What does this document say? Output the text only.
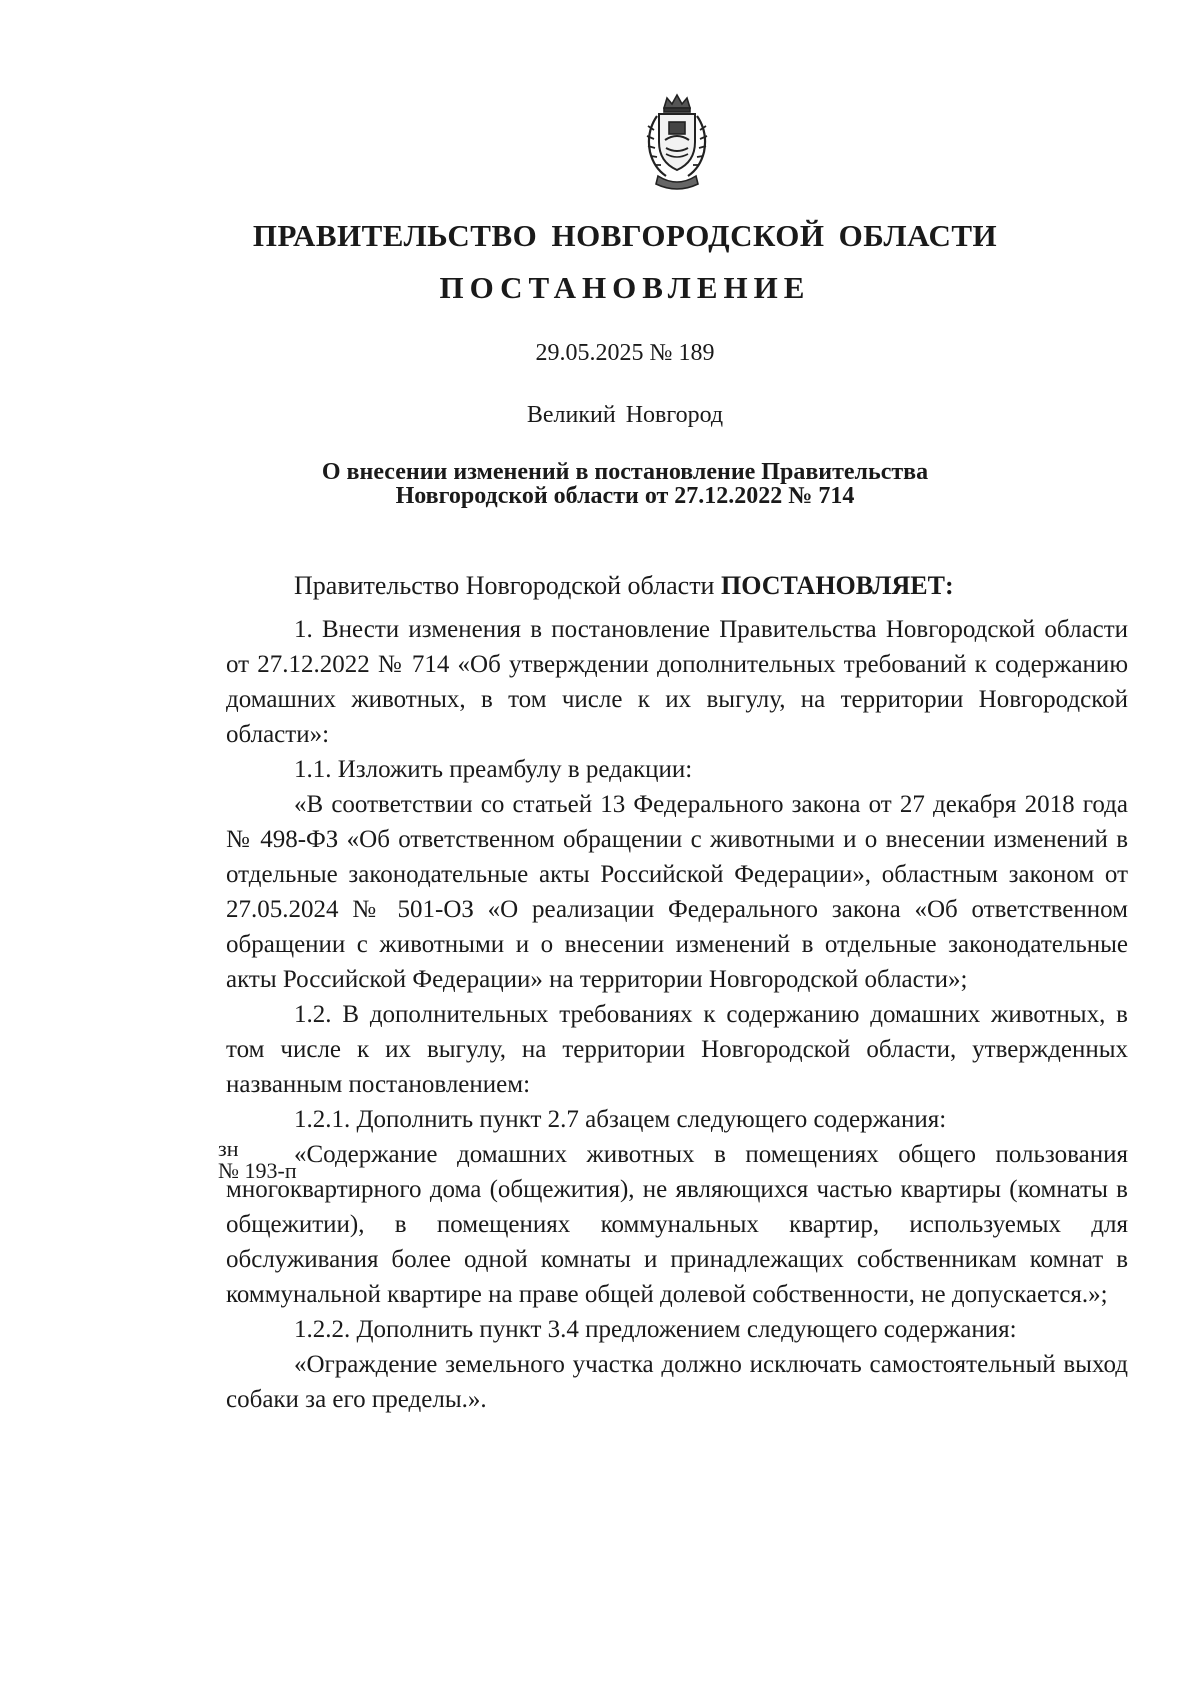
ПРАВИТЕЛЬСТВО НОВГОРОДСКОЙ ОБЛАСТИ
ПОСТАНОВЛЕНИЕ
29.05.2025 № 189
Великий Новгород
О внесении изменений в постановление Правительства
Новгородской области от 27.12.2022 № 714

Правительство Новгородской области ПОСТАНОВЛЯЕТ:

1. Внести изменения в постановление Правительства Новгородской области от 27.12.2022 № 714 «Об утверждении дополнительных требований к содержанию домашних животных, в том числе к их выгулу, на территории Новгородской области»:

1.1. Изложить преамбулу в редакции:

«В соответствии со статьей 13 Федерального закона от 27 декабря 2018 года № 498-ФЗ «Об ответственном обращении с животными и о внесении изменений в отдельные законодательные акты Российской Федерации», областным законом от 27.05.2024 № 501-ОЗ «О реализации Федерального закона «Об ответственном обращении с животными и о внесении изменений в отдельные законодательные акты Российской Федерации» на территории Новгородской области»;

1.2. В дополнительных требованиях к содержанию домашних животных, в том числе к их выгулу, на территории Новгородской области, утвержденных названным постановлением:

1.2.1. Дополнить пункт 2.7 абзацем следующего содержания:

«Содержание домашних животных в помещениях общего пользования многоквартирного дома (общежития), не являющихся частью квартиры (комнаты в общежитии), в помещениях коммунальных квартир, используемых для обслуживания более одной комнаты и принадлежащих собственникам комнат в коммунальной квартире на праве общей долевой собственности, не допускается.»;

1.2.2. Дополнить пункт 3.4 предложением следующего содержания:

«Ограждение земельного участка должно исключать самостоятельный выход собаки за его пределы.».

зн
№ 193-п
